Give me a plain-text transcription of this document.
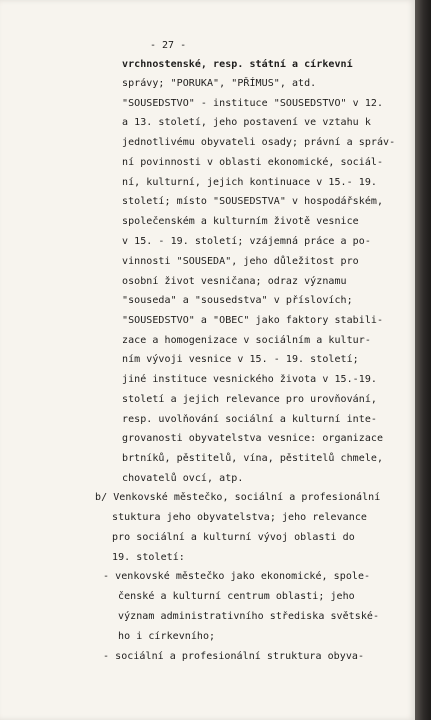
- 27 -
vrchnostenské, resp. státní a církevní
správy; "PORUKA", "PŘÍMUS", atd.
"SOUSEDSTVO" - instituce "SOUSEDSTVO" v 12.
a 13. století, jeho postavení ve vztahu k
jednotlivému obyvateli osady; právní a správ-
ní povinnosti v oblasti ekonomické, sociál-
ní, kulturní, jejich kontinuace v 15.- 19.
století; místo "SOUSEDSTVA" v hospodářském,
společenském a kulturním životě vesnice
v 15. - 19. století; vzájemná práce a po-
vinnosti "SOUSEDA", jeho důležitost pro
osobní život vesničana; odraz významu
"souseda" a "sousedstva" v příslovích;
"SOUSEDSTVO" a "OBEC" jako faktory stabili-
zace a homogenizace v sociálním a kultur-
ním vývoji vesnice v 15. - 19. století;
jiné instituce vesnického života v 15.-19.
století a jejich relevance pro urovňování,
resp. uvolňování sociální a kulturní inte-
grovanosti obyvatelstva vesnice: organizace
brtníků, pěstitelů, vína, pěstitelů chmele,
chovatelů ovcí, atp.
b/ Venkovské městečko, sociální a profesionální
stuktura jeho obyvatelstva; jeho relevance
pro sociální a kulturní vývoj oblasti do
19. století:
- venkovské městečko jako ekonomické, spole-
čenské a kulturní centrum oblasti; jeho
význam administrativního střediska světské-
ho i církevního;
- sociální a profesionální struktura obyva-
